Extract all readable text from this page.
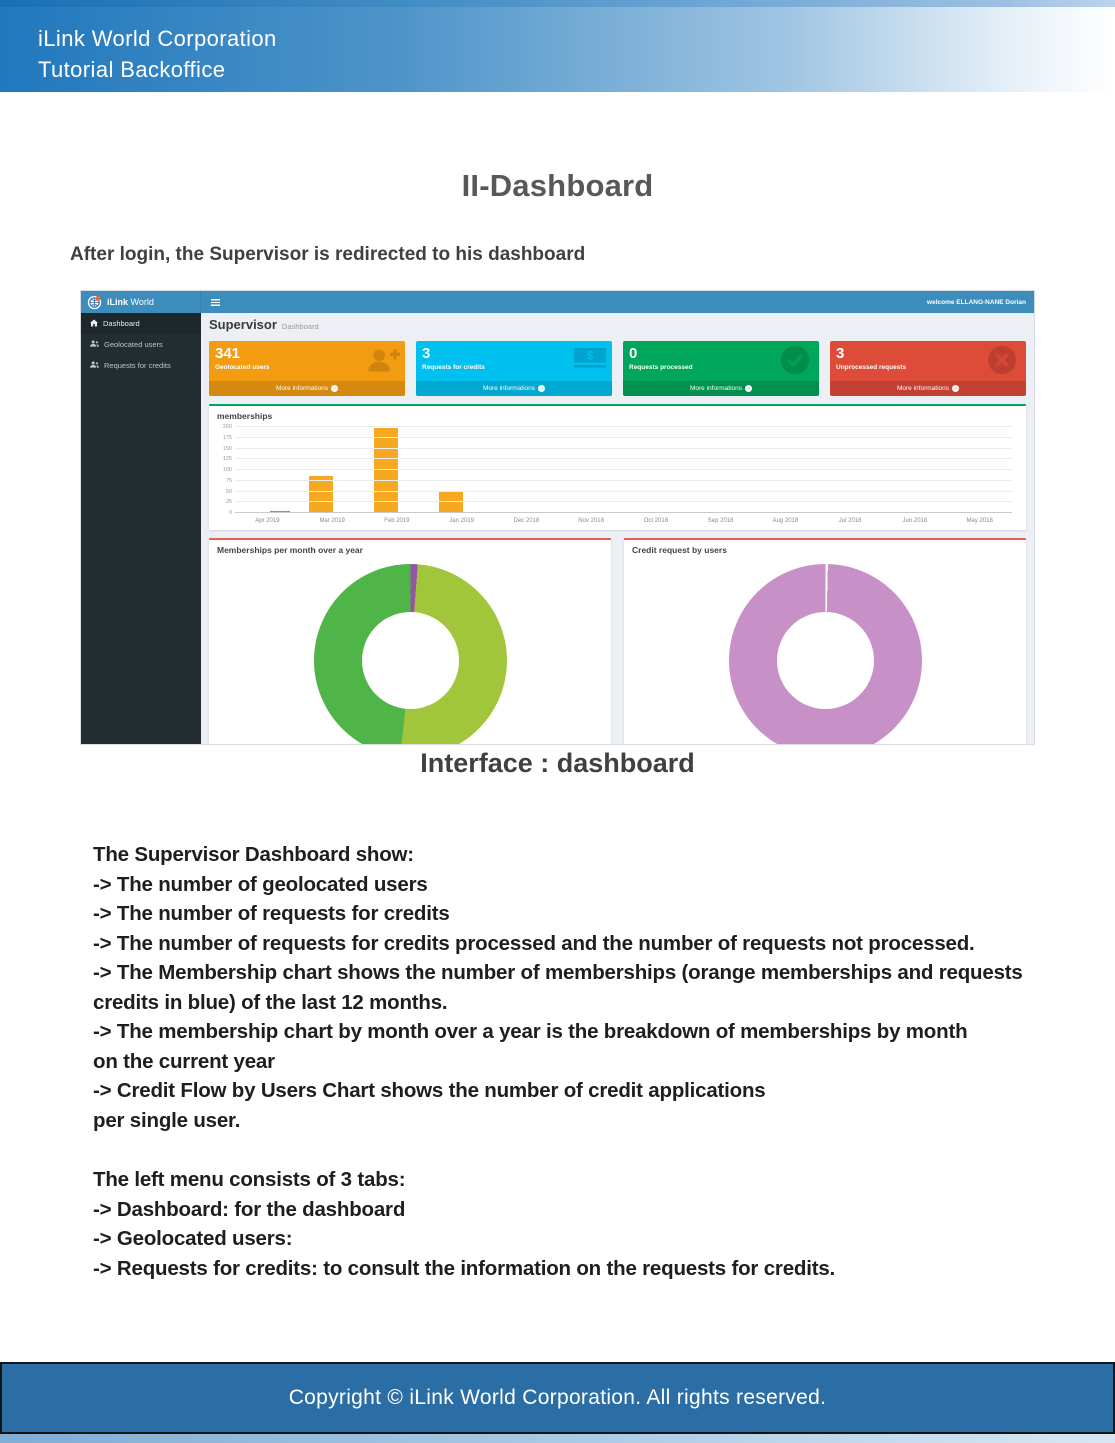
iLink World Corporation
Tutorial Backoffice
II-Dashboard
After login, the Supervisor is redirected to his dashboard
iLink World	welcome ELLANG-NANE Dorian
Dashboard
Geolocated users
Requests for credits
Supervisor Dashboard
341
Geolocated users
More informations →
3
Requests for credits
$
More informations →
0
Requests processed
More informations →
3
Unprocessed requests
More informations →
memberships
0
25
50
75
100
125
150
175
200
Apr 2019	Mar 2019	Feb 2019	Jan 2019	Dec 2018	Nov 2018	Oct 2018	Sep 2018	Aug 2018	Jul 2018	Jun 2018	May 2018
Memberships per month over a year	Credit request by users
Interface : dashboard
The Supervisor Dashboard show:
-> The number of geolocated users
-> The number of requests for credits
-> The number of requests for credits processed and the number of requests not processed.
-> The Membership chart shows the number of memberships (orange memberships and requests
credits in blue) of the last 12 months.
-> The membership chart by month over a year is the breakdown of memberships by month
on the current year
-> Credit Flow by Users Chart shows the number of credit applications
per single user.
The left menu consists of 3 tabs:
-> Dashboard: for the dashboard
-> Geolocated users:
-> Requests for credits: to consult the information on the requests for credits.
Copyright © iLink World Corporation. All rights reserved.
